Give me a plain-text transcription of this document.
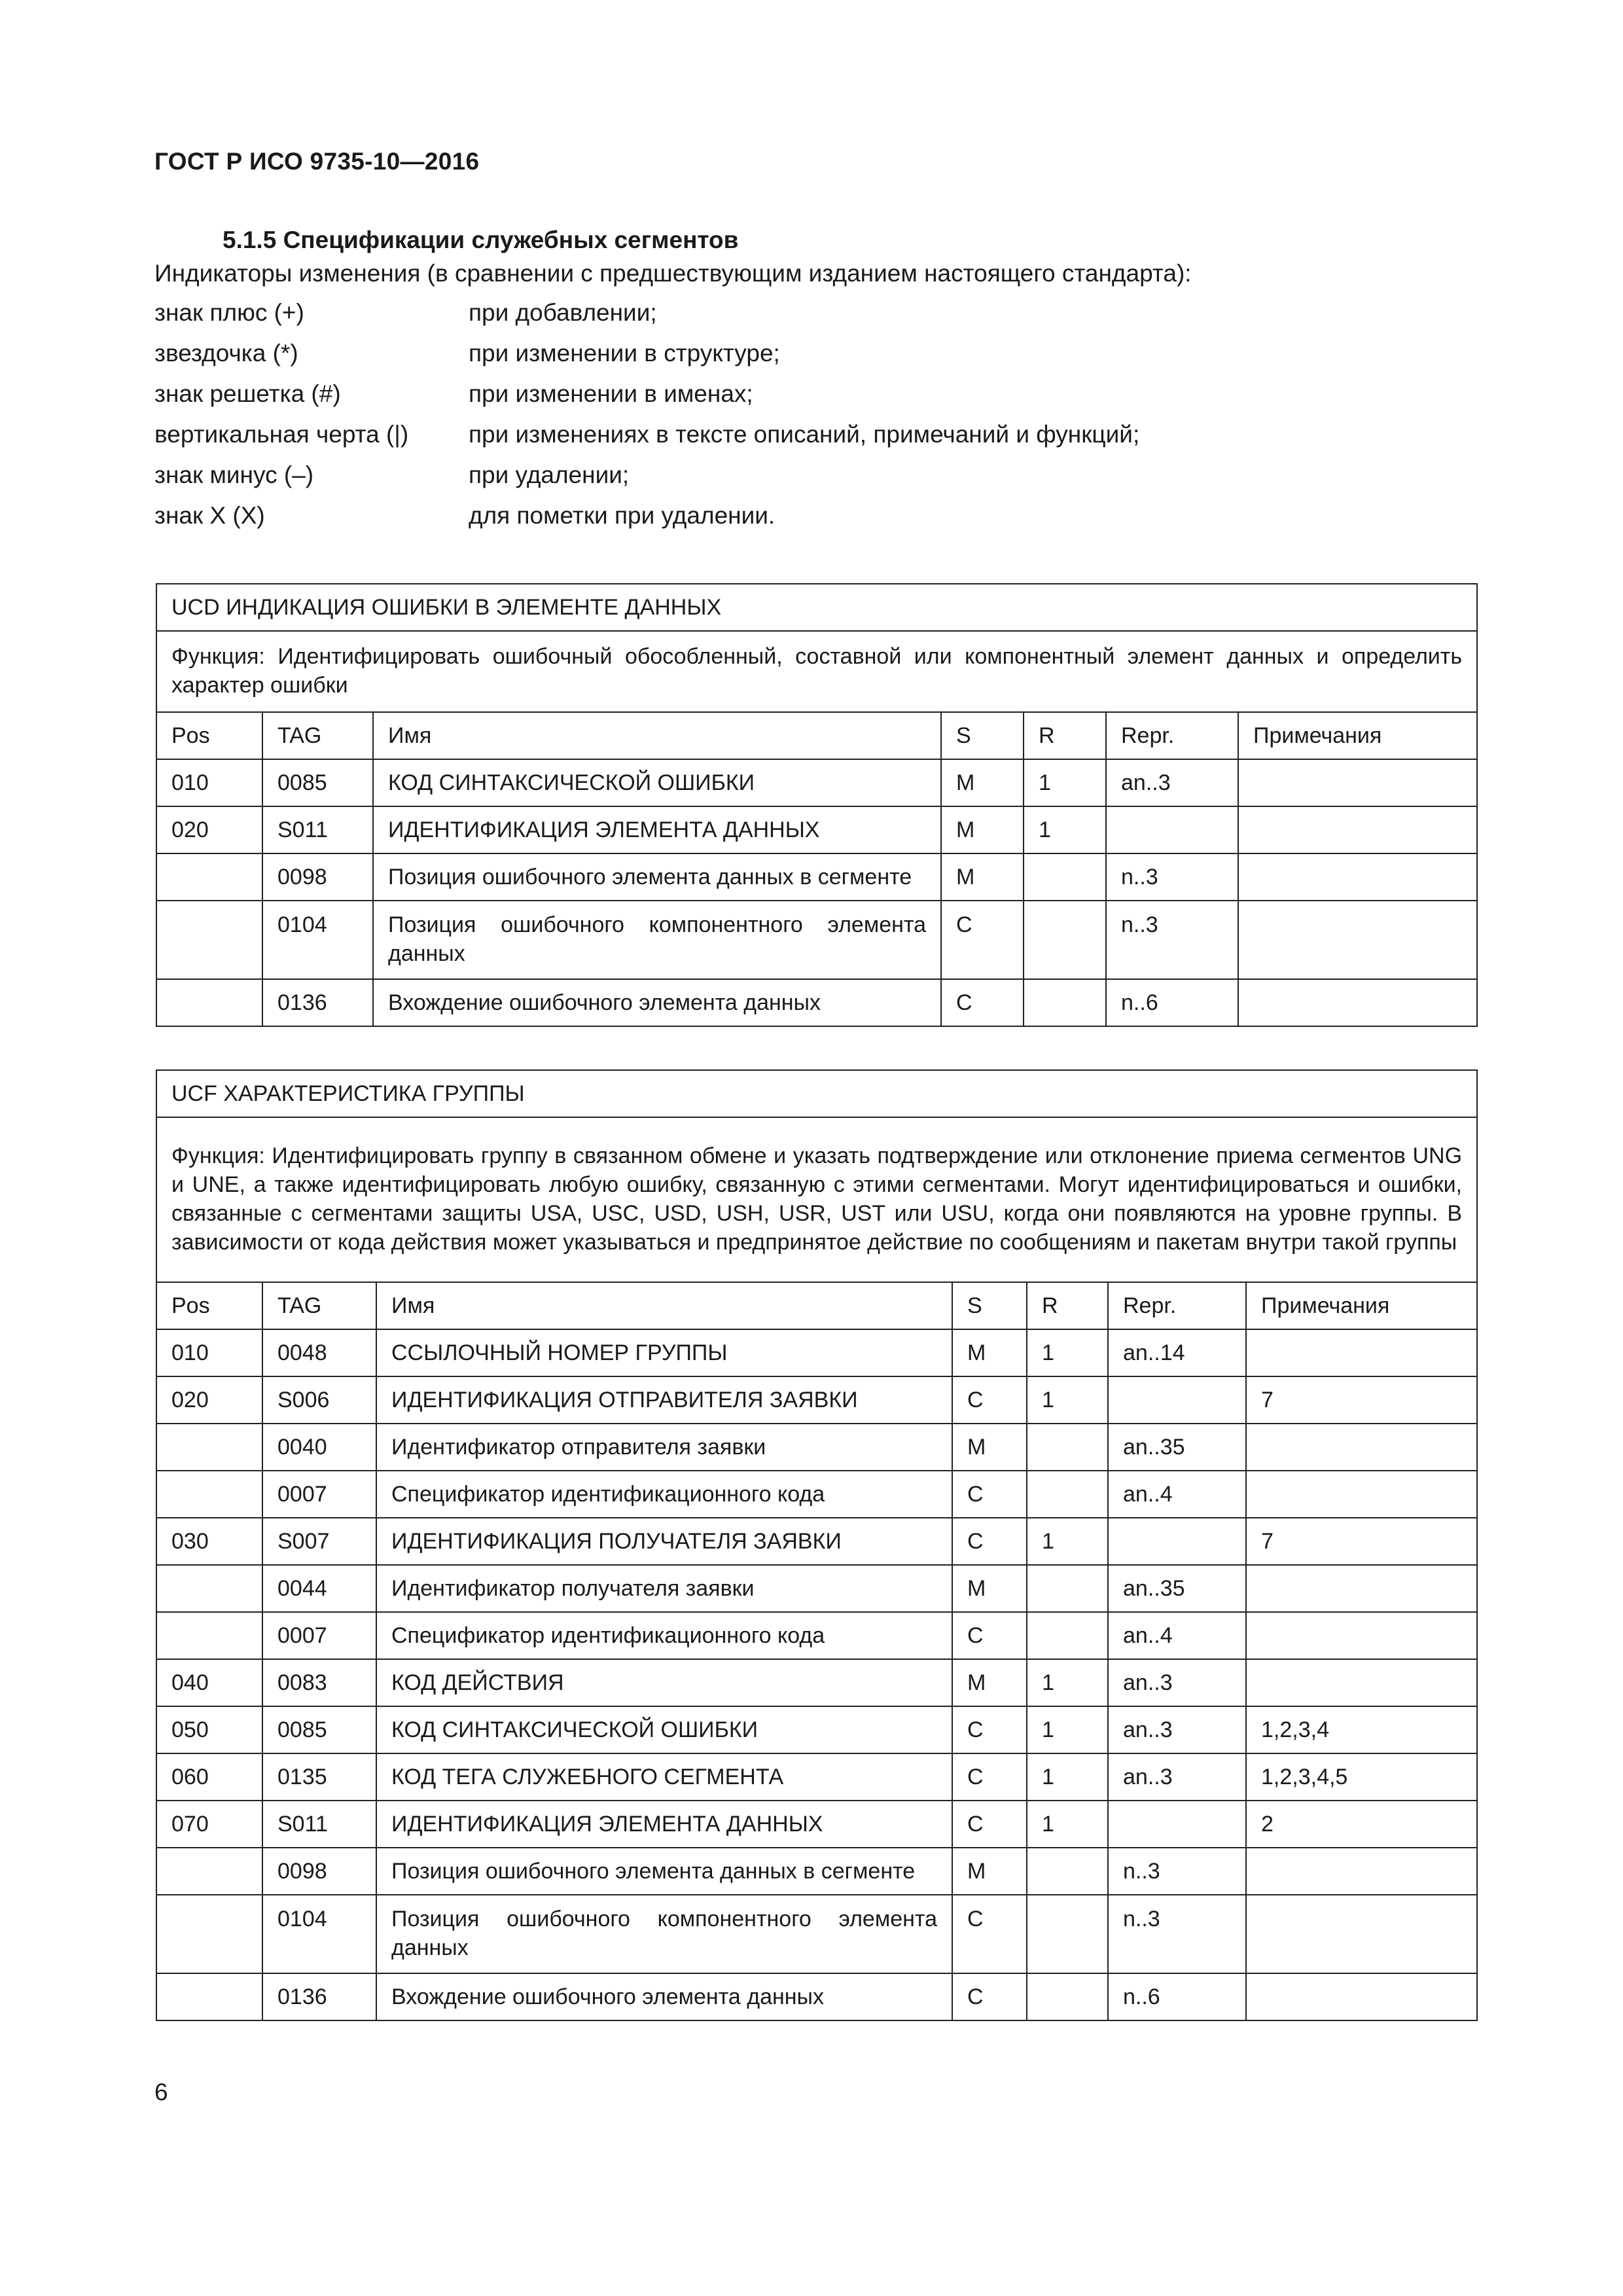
ГОСТ Р ИСО 9735-10—2016
5.1.5 Спецификации служебных сегментов
Индикаторы изменения (в сравнении с предшествующим изданием настоящего стандарта):
знак плюс (+)	при добавлении;
звездочка (*)	при изменении в структуре;
знак решетка (#)	при изменении в именах;
вертикальная черта (|) при изменениях в тексте описаний, примечаний и функций;
знак минус (–)	при удалении;
знак X (X)	для пометки при удалении.
UCD ИНДИКАЦИЯ ОШИБКИ В ЭЛЕМЕНТЕ ДАННЫХ						
Функция: Идентифицировать ошибочный обособленный, составной или компонентный элемент данных и определить характер ошибки						
Pos	TAG	Имя	S	R	Repr.	Примечания
010	0085	КОД СИНТАКСИЧЕСКОЙ ОШИБКИ	M	1	an..3	
020	S011	ИДЕНТИФИКАЦИЯ ЭЛЕМЕНТА ДАННЫХ	M	1		
	0098	Позиция ошибочного элемента данных в сегменте	M		n..3	
	0104	Позиция ошибочного компонентного элемента данных	C		n..3	
	0136	Вхождение ошибочного элемента данных	C		n..6	
UCF ХАРАКТЕРИСТИКА ГРУППЫ						
Функция: Идентифицировать группу в связанном обмене и указать подтверждение или отклонение приема сегментов UNG и UNE, а также идентифицировать любую ошибку, связанную с этими сегментами. Могут идентифицироваться и ошибки, связанные с сегментами защиты USA, USC, USD, USH, USR, UST или USU, когда они появляются на уровне группы. В зависимости от кода действия может указываться и предпринятое действие по сообщениям и пакетам внутри такой группы						
Pos	TAG	Имя	S	R	Repr.	Примечания
010	0048	ССЫЛОЧНЫЙ НОМЕР ГРУППЫ	M	1	an..14	
020	S006	ИДЕНТИФИКАЦИЯ ОТПРАВИТЕЛЯ ЗАЯВКИ	C	1		7
	0040	Идентификатор отправителя заявки	M		an..35	
	0007	Спецификатор идентификационного кода	C		an..4	
030	S007	ИДЕНТИФИКАЦИЯ ПОЛУЧАТЕЛЯ ЗАЯВКИ	C	1		7
	0044	Идентификатор получателя заявки	M		an..35	
	0007	Спецификатор идентификационного кода	C		an..4	
040	0083	КОД ДЕЙСТВИЯ	M	1	an..3	
050	0085	КОД СИНТАКСИЧЕСКОЙ ОШИБКИ	C	1	an..3	1,2,3,4
060	0135	КОД ТЕГА СЛУЖЕБНОГО СЕГМЕНТА	C	1	an..3	1,2,3,4,5
070	S011	ИДЕНТИФИКАЦИЯ ЭЛЕМЕНТА ДАННЫХ	C	1		2
	0098	Позиция ошибочного элемента данных в сегменте	M		n..3	
	0104	Позиция ошибочного компонентного элемента данных	C		n..3	
	0136	Вхождение ошибочного элемента данных	C		n..6	
6
